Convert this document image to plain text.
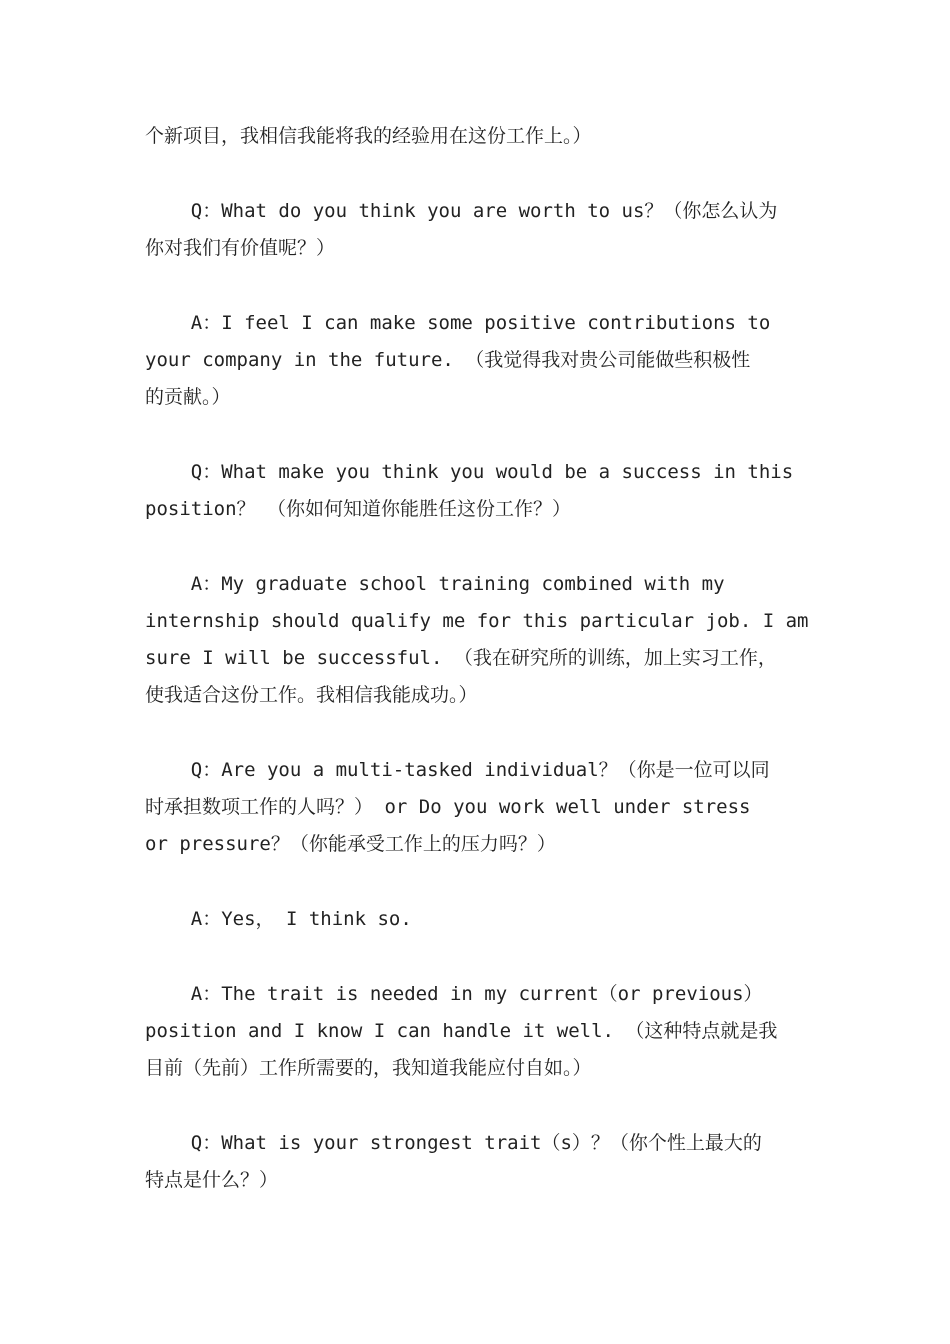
个新项目，我相信我能将我的经验用在这份工作上。）

Q：What do you think you are worth to us？（你怎么认为
你对我们有价值呢？）

A：I feel I can make some positive contributions to
your company in the future. （我觉得我对贵公司能做些积极性
的贡献。）

Q：What make you think you would be a success in this
position？ （你如何知道你能胜任这份工作？）

A：My graduate school training combined with my
internship should qualify me for this particular job. I am
sure I will be successful. （我在研究所的训练，加上实习工作，
使我适合这份工作。我相信我能成功。）

Q：Are you a multi-tasked individual？（你是一位可以同
时承担数项工作的人吗？） or Do you work well under stress
or pressure？（你能承受工作上的压力吗？）

A：Yes， I think so.

A：The trait is needed in my current（or previous）
position and I know I can handle it well. （这种特点就是我
目前（先前）工作所需要的，我知道我能应付自如。）

Q：What is your strongest trait（s）？（你个性上最大的
特点是什么？）
